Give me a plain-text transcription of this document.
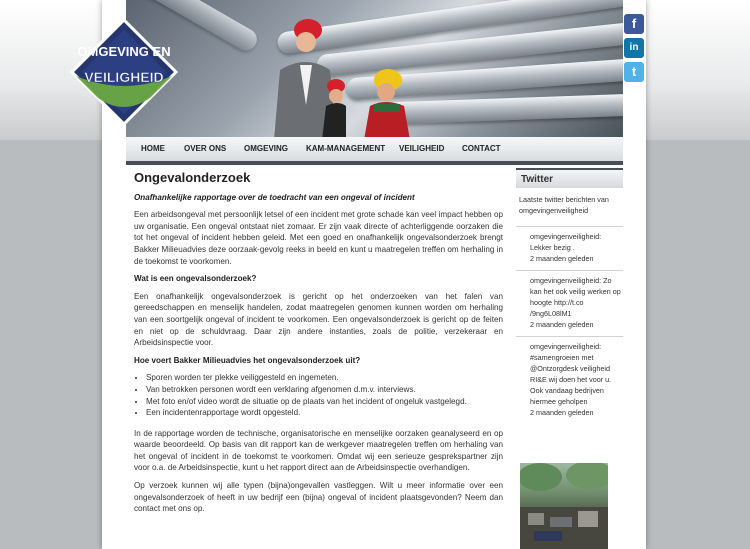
OMGEVING EN
VEILIGHEID
f
in
t
HOME OVER ONS OMGEVING KAM-MANAGEMENT VEILIGHEID CONTACT
Ongevalonderzoek

Onafhankelijke rapportage over de toedracht van een ongeval of incident

Een arbeidsongeval met persoonlijk letsel of een incident met grote schade kan veel impact hebben op uw organisatie. Een ongeval ontstaat niet zomaar. Er zijn vaak directe of achterliggende oorzaken die tot het ongeval of incident hebben geleid. Met een goed en onafhankelijk ongevalsonderzoek brengt Bakker Milieuadvies deze oorzaak-gevolg reeks in beeld en kunt u maatregelen treffen om herhaling in de toekomst te voorkomen.

Wat is een ongevalsonderzoek?

Een onafhankelijk ongevalsonderzoek is gericht op het onderzoeken van het falen van gereedschappen en menselijk handelen, zodat maatregelen genomen kunnen worden om herhaling van een soortgelijk ongeval of incident te voorkomen. Een ongevalsonderzoek is gericht op de feiten en niet op de schuldvraag. Daar zijn andere instanties, zoals de politie, verzekeraar en Arbeidsinspectie voor.

Hoe voert Bakker Milieuadvies het ongevalsonderzoek uit?
• Sporen worden ter plekke veiliggesteld en ingemeten.
• Van betrokken personen wordt een verklaring afgenomen d.m.v. interviews.
• Met foto en/of video wordt de situatie op de plaats van het incident of ongeluk vastgelegd.
• Een incidentenrapportage wordt opgesteld.

In de rapportage worden de technische, organisatorische en menselijke oorzaken geanalyseerd en op waarde beoordeeld. Op basis van dit rapport kan de werkgever maatregelen treffen om herhaling van het ongeval of incident in de toekomst te voorkomen. Omdat wij een serieuze gesprekspartner zijn voor o.a. de Arbeidsinspectie, kunt u het rapport direct aan de Arbeidsinspectie overhandigen.

Op verzoek kunnen wij alle typen (bijna)ongevallen vastleggen. Wilt u meer informatie over een ongevalsonderzoek of heeft in uw bedrijf een (bijna) ongeval of incident plaatsgevonden? Neem dan contact met ons op.

Twitter
Laatste twitter berichten van omgevingenveiligheid
omgevingenveiligheid: Lekker bezig .
2 maanden geleden
omgevingenveiligheid: Zo kan het ook veilig werken op hoogte http://t.co /9ng6L08lM1
2 maanden geleden
omgevingenveiligheid: #samengroeien met @Ontzorgdesk veiligheid RI&E wij doen het voor u. Ook vandaag bedrijven hiermee geholpen
2 maanden geleden
